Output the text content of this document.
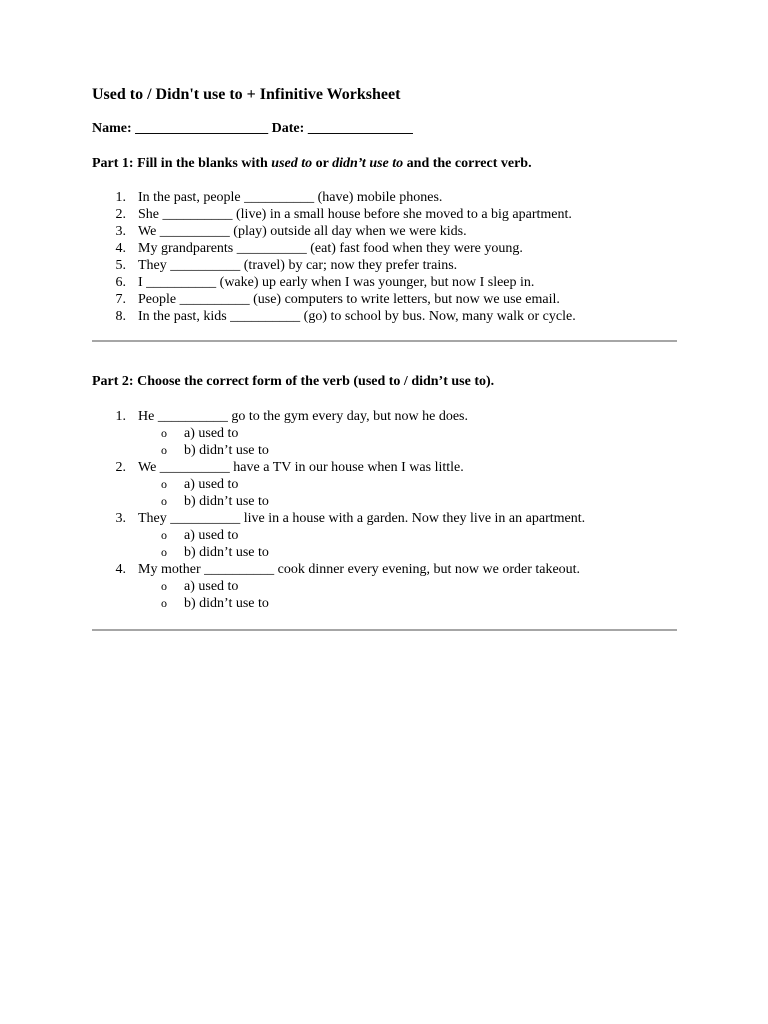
Used to / Didn't use to + Infinitive Worksheet
Name: ___________________ Date: _______________
Part 1: Fill in the blanks with used to or didn’t use to and the correct verb.
1. In the past, people __________ (have) mobile phones.
2. She __________ (live) in a small house before she moved to a big apartment.
3. We __________ (play) outside all day when we were kids.
4. My grandparents __________ (eat) fast food when they were young.
5. They __________ (travel) by car; now they prefer trains.
6. I __________ (wake) up early when I was younger, but now I sleep in.
7. People __________ (use) computers to write letters, but now we use email.
8. In the past, kids __________ (go) to school by bus. Now, many walk or cycle.
Part 2: Choose the correct form of the verb (used to / didn’t use to).
1. He __________ go to the gym every day, but now he does.
o a) used to
o b) didn’t use to
2. We __________ have a TV in our house when I was little.
o a) used to
o b) didn’t use to
3. They __________ live in a house with a garden. Now they live in an apartment.
o a) used to
o b) didn’t use to
4. My mother __________ cook dinner every evening, but now we order takeout.
o a) used to
o b) didn’t use to
